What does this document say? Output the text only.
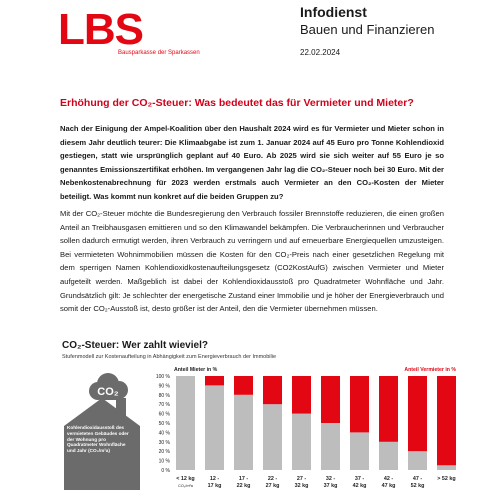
LBS
Bausparkasse der Sparkassen
Infodienst
Bauen und Finanzieren
22.02.2024
Erhöhung der CO₂-Steuer: Was bedeutet das für Vermieter und Mieter?

Nach der Einigung der Ampel-Koalition über den Haushalt 2024 wird es für Vermieter und Mieter schon in diesem Jahr deutlich teurer: Die Klimaabgabe ist zum 1. Januar 2024 auf 45 Euro pro Tonne Kohlendioxid gestiegen, statt wie ursprünglich geplant auf 40 Euro. Ab 2025 wird sie sich weiter auf 55 Euro je so genanntes Emissionszertifikat erhöhen. Im vergangenen Jahr lag die CO₂-Steuer noch bei 30 Euro. Mit der Nebenkostenabrechnung für 2023 werden erstmals auch Vermieter an den CO₂-Kosten der Mieter beteiligt. Was kommt nun konkret auf die beiden Gruppen zu?

Mit der CO₂-Steuer möchte die Bundesregierung den Verbrauch fossiler Brennstoffe reduzieren, die einen großen Anteil an Treibhausgasen emittieren und so den Klimawandel bekämpfen. Die Verbraucherinnen und Verbraucher sollen dadurch ermutigt werden, ihren Verbrauch zu verringern und auf erneuerbare Energiequellen umzusteigen. Bei vermieteten Wohnimmobilien müssen die Kosten für den CO₂-Preis nach einer gesetzlichen Regelung mit dem sperrigen Namen Kohlendioxidkostenaufteilungsgesetz (CO2KostAufG) zwischen Vermieter und Mieter aufgeteilt werden. Maßgeblich ist dabei der Kohlendioxidausstoß pro Quadratmeter Wohnfläche und Jahr. Grundsätzlich gilt: Je schlechter der energetische Zustand einer Immobilie und je höher der Energieverbrauch und somit der CO₂-Ausstoß ist, desto größer ist der Anteil, den die Vermieter übernehmen müssen.

CO₂-Steuer: Wer zahlt wieviel?
Stufenmodell zur Kostenaufteilung in Abhängigkeit zum Energieverbrauch der Immobilie
CO₂
Kohlendioxidausstoß des vermieteten Gebäudes oder der Wohnung pro Quadratmeter Wohnfläche und Jahr (CO₂/m²a)
100 %
90 %
80 %
70 %
60 %
50 %
40 %
30 %
20 %
10 %
0 %
Anteil Mieter in %	Anteil Vermieter in %
< 12 kg	12 -
17 kg
17 -
22 kg
22 -
27 kg
27 -
32 kg
32 -
37 kg
37 -
42 kg
42 -
47 kg
47 -
52 kg
> 52 kg
CO₂/m²a
